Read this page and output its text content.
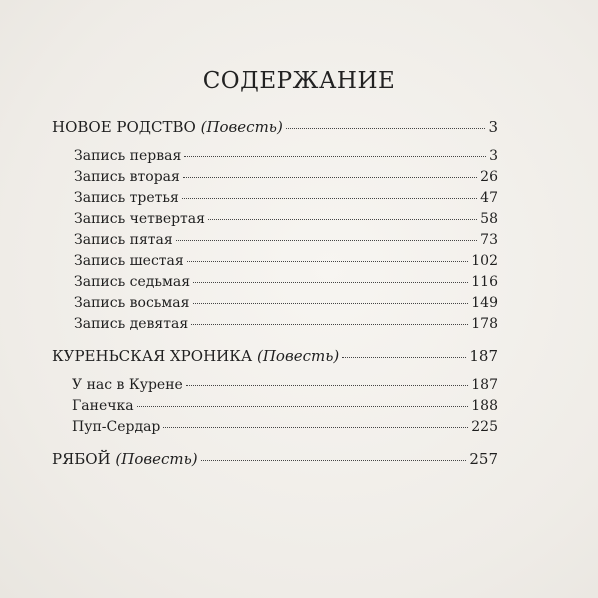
СОДЕРЖАНИЕ
НОВОЕ РОДСТВО (Повесть)	3
Запись первая	3
Запись вторая	26
Запись третья	47
Запись четвертая	58
Запись пятая	73
Запись шестая	102
Запись седьмая	116
Запись восьмая	149
Запись девятая	178
КУРЕНЬСКАЯ ХРОНИКА (Повесть)	187
У нас в Курене	187
Ганечка	188
Пуп-Сердар	225
РЯБОЙ (Повесть)	257
